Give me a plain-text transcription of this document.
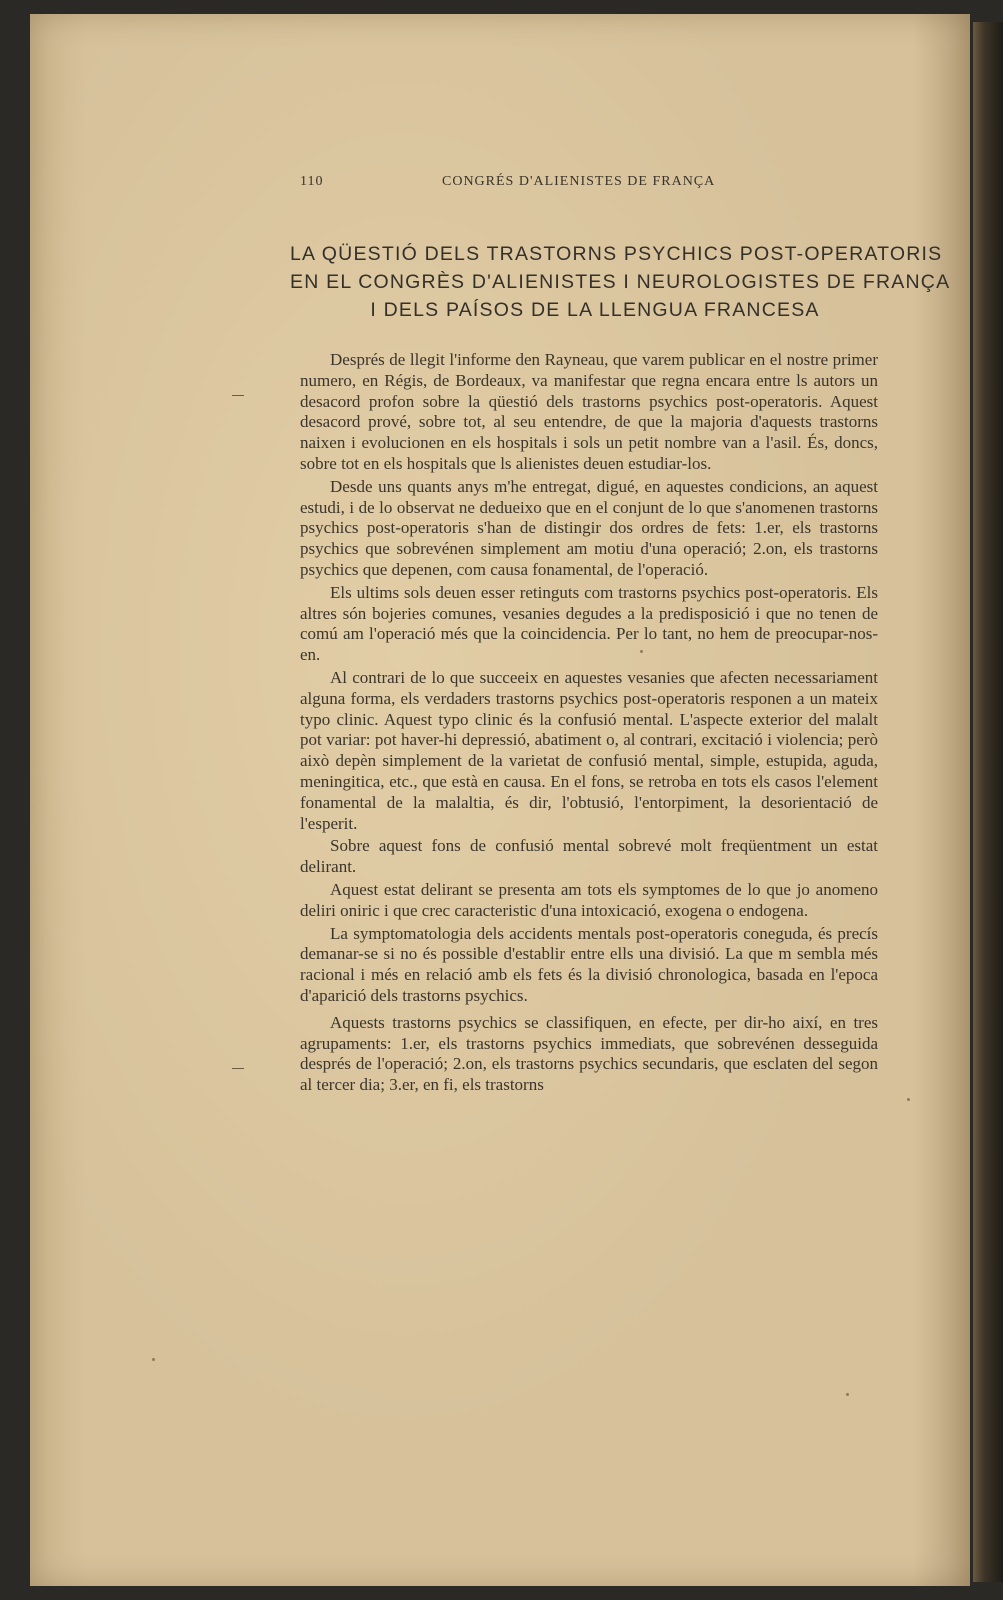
110	CONGRÉS D'ALIENISTES DE FRANÇA
LA QÜESTIÓ DELS TRASTORNS PSYCHICS POST-OPERATORIS
EN EL CONGRÈS D'ALIENISTES I NEUROLOGISTES DE FRANÇA
I DELS PAÍSOS DE LA LLENGUA FRANCESA

Després de llegit l'informe den Rayneau, que varem publicar en el nostre primer numero, en Régis, de Bordeaux, va manifestar que regna encara entre ls autors un desacord profon sobre la qüestió dels trastorns psychics post-operatoris. Aquest desacord prové, sobre tot, al seu entendre, de que la majoria d'aquests trastorns naixen i evolucionen en els hospitals i sols un petit nombre van a l'asil. És, doncs, sobre tot en els hospitals que ls alienistes deuen estudiar-los.

Desde uns quants anys m'he entregat, digué, en aquestes condicions, an aquest estudi, i de lo observat ne dedueixo que en el conjunt de lo que s'anomenen trastorns psychics post-operatoris s'han de distingir dos ordres de fets: 1.er, els trastorns psychics que sobrevénen simplement am motiu d'una operació; 2.on, els trastorns psychics que depenen, com causa fonamental, de l'operació.

Els ultims sols deuen esser retinguts com trastorns psychics post-operatoris. Els altres són bojeries comunes, vesanies degudes a la predisposició i que no tenen de comú am l'operació més que la coincidencia. Per lo tant, no hem de preocupar-nos-en.

Al contrari de lo que succeeix en aquestes vesanies que afecten necessariament alguna forma, els verdaders trastorns psychics post-operatoris responen a un mateix typo clinic. Aquest typo clinic és la confusió mental. L'aspecte exterior del malalt pot variar: pot haver-hi depressió, abatiment o, al contrari, excitació i violencia; però això depèn simplement de la varietat de confusió mental, simple, estupida, aguda, meningitica, etc., que està en causa. En el fons, se retroba en tots els casos l'element fonamental de la malaltia, és dir, l'obtusió, l'entorpiment, la desorientació de l'esperit.

Sobre aquest fons de confusió mental sobrevé molt freqüentment un estat delirant.

Aquest estat delirant se presenta am tots els symptomes de lo que jo anomeno deliri oniric i que crec caracteristic d'una intoxicació, exogena o endogena.

La symptomatologia dels accidents mentals post-operatoris coneguda, és precís demanar-se si no és possible d'establir entre ells una divisió. La que m sembla més racional i més en relació amb els fets és la divisió chronologica, basada en l'epoca d'aparició dels trastorns psychics.

Aquests trastorns psychics se classifiquen, en efecte, per dir-ho així, en tres agrupaments: 1.er, els trastorns psychics immediats, que sobrevénen desseguida després de l'operació; 2.on, els trastorns psychics secundaris, que esclaten del segon al tercer dia; 3.er, en fi, els trastorns
